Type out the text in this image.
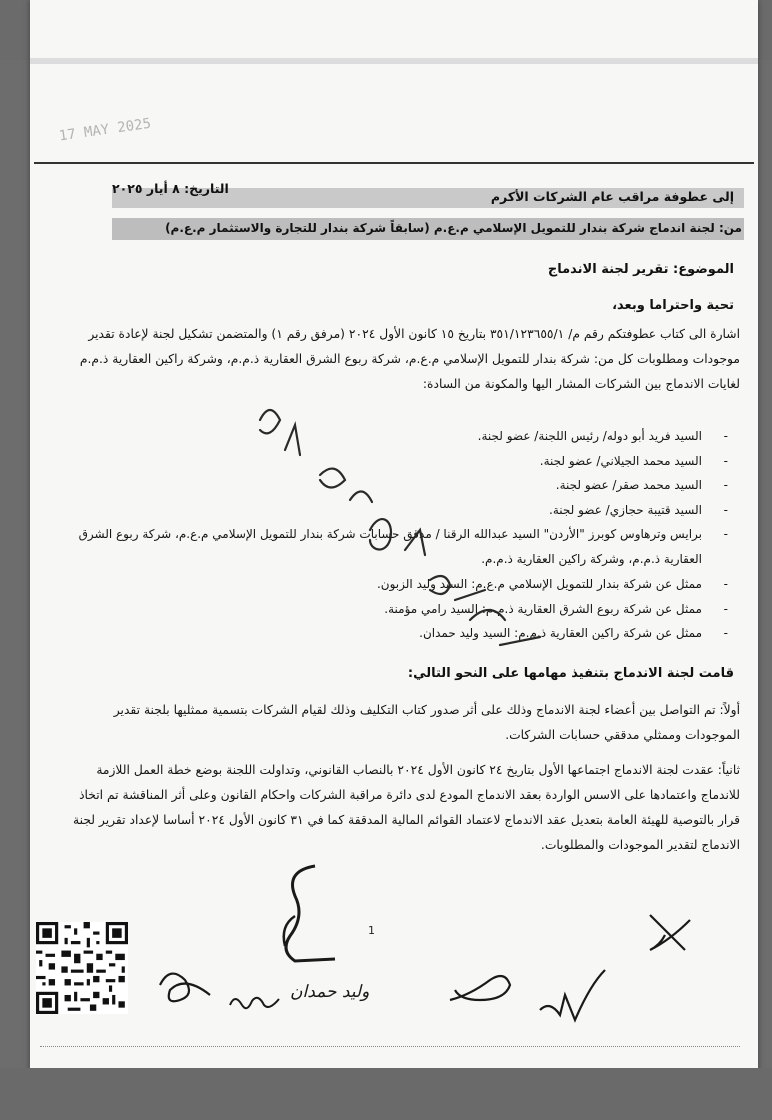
17 MAY 2025
إلى عطوفة مراقب عام الشركات الأكرم
التاريخ: ٨ أيار ٢٠٢٥
من: لجنة اندماج شركة بندار للتمويل الإسلامي م.ع.م (سابقاً شركة بندار للتجارة والاستثمار م.ع.م)
الموضوع: تقرير لجنة الاندماج
تحية واحتراما وبعد،
اشارة الى كتاب عطوفتكم رقم م/ ٣٥١/١٢٣٦٥٥/١ بتاريخ ١٥ كانون الأول ٢٠٢٤ (مرفق رقم ١) والمتضمن تشكيل لجنة لإعادة تقدير موجودات ومطلوبات كل من: شركة بندار للتمويل الإسلامي م.ع.م، شركة ربوع الشرق العقارية ذ.م.م، وشركة راكين العقارية ذ.م.م لغايات الاندماج بين الشركات المشار اليها والمكونة من السادة:
-
السيد فريد أبو دوله/ رئيس اللجنة/ عضو لجنة.
-
السيد محمد الجيلاني/ عضو لجنة.
-
السيد محمد صقر/ عضو لجنة.
-
السيد قتيبة حجازي/ عضو لجنة.
-
برايس وترهاوس كوبرز "الأردن" السيد عبدالله الرقنا / مدقق حسابات شركة بندار للتمويل الإسلامي م.ع.م، شركة ربوع الشرق العقارية ذ.م.م، وشركة راكين العقارية ذ.م.م.
-
ممثل عن شركة بندار للتمويل الإسلامي م.ع.م: السيد وليد الزبون.
-
ممثل عن شركة ربوع الشرق العقارية ذ.م.م: السيد رامي مؤمنة.
-
ممثل عن شركة راكين العقارية ذ.م.م: السيد وليد حمدان.
قامت لجنة الاندماج بتنفيذ مهامها على النحو التالي:
أولاً: تم التواصل بين أعضاء لجنة الاندماج وذلك على أثر صدور كتاب التكليف وذلك لقيام الشركات بتسمية ممثليها بلجنة تقدير الموجودات وممثلي مدققي حسابات الشركات.
ثانياً: عقدت لجنة الاندماج اجتماعها الأول بتاريخ ٢٤ كانون الأول ٢٠٢٤ بالنصاب القانوني، وتداولت اللجنة بوضع خطة العمل اللازمة للاندماج واعتمادها على الاسس الواردة بعقد الاندماج المودع لدى دائرة مراقبة الشركات واحكام القانون وعلى أثر المناقشة تم اتخاذ قرار بالتوصية للهيئة العامة بتعديل عقد الاندماج لاعتماد القوائم المالية المدققة كما في ٣١ كانون الأول ٢٠٢٤ أساسا لإعداد تقرير لجنة الاندماج لتقدير الموجودات والمطلوبات.
1
وليد حمدان
